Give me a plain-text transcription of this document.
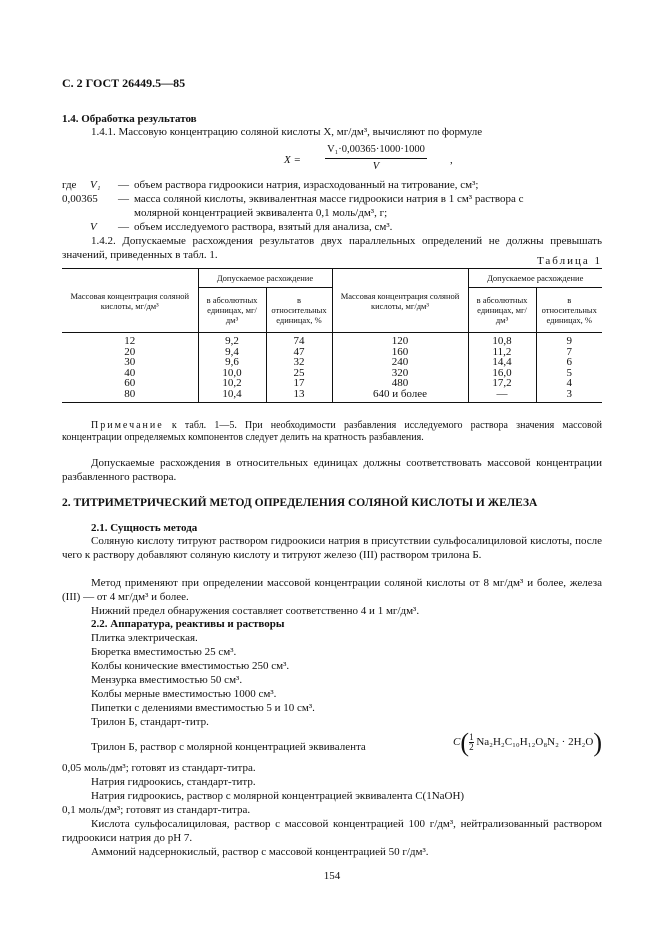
С. 2 ГОСТ 26449.5—85
1.4. Обработка результатов
1.4.1. Массовую концентрацию соляной кислоты X, мг/дм³, вычисляют по формуле
$X = \frac{\text{V₁·0,00365·1000·1000}}{V}$ ,
где V₁ — объем раствора гидроокиси натрия, израсходованный на титрование, см³;
0,00365 — масса соляной кислоты, эквивалентная массе гидроокиси натрия в 1 см³ раствора с
молярной концентрацией эквивалента 0,1 моль/дм³, г;
V — объем исследуемого раствора, взятый для анализа, см³.
1.4.2. Допускаемые расхождения результатов двух параллельных определений не должны превышать значений, приведенных в табл. 1.	Таблица 1
Массовая концентрация соляной кислоты, мг/дм³	Допускаемое расхождение		Массовая концентрация соляной кислоты, мг/дм³	Допускаемое расхождение	
	в абсолютных единицах, мг/дм³	в относительных единицах, %		в абсолютных единицах, мг/дм³	в относительных единицах, %
12	9,2	74	120	10,8	9
20	9,4	47	160	11,2	7
30	9,6	32	240	14,4	6
40	10,0	25	320	16,0	5
60	10,2	17	480	17,2	4
80	10,4	13	640 и более	—	3
Примечание к табл. 1—5. При необходимости разбавления исследуемого раствора значения массовой концентрации определяемых компонентов следует делить на кратность разбавления.
Допускаемые расхождения в относительных единицах должны соответствовать массовой концентрации разбавленного раствора.
2. ТИТРИМЕТРИЧЕСКИЙ МЕТОД ОПРЕДЕЛЕНИЯ СОЛЯНОЙ КИСЛОТЫ И ЖЕЛЕЗА
2.1. Сущность метода
Соляную кислоту титруют раствором гидроокиси натрия в присутствии сульфосалициловой кислоты, после чего к раствору добавляют соляную кислоту и титруют железо (III) раствором трилона Б.
Метод применяют при определении массовой концентрации соляной кислоты от 8 мг/дм³ и более, железа (III) — от 4 мг/дм³ и более.
Нижний предел обнаружения составляет соответственно 4 и 1 мг/дм³.
2.2. Аппаратура, реактивы и растворы
Плитка электрическая.
Бюретка вместимостью 25 см³.
Колбы конические вместимостью 250 см³.
Мензурка вместимостью 50 см³.
Колбы мерные вместимостью 1000 см³.
Пипетки с делениями вместимостью 5 и 10 см³.
Трилон Б, стандарт-титр.
Трилон Б, раствор с молярной концентрацией эквивалента	$C( \frac{1}{2} Na_2H_2C_{10}H_{12}O_8N_2 \cdot 2H_2O)$
0,05 моль/дм³; готовят из стандарт-титра.
Натрия гидроокись, стандарт-титр.
Натрия гидроокись, раствор с молярной концентрацией эквивалента C(1NaOH)
0,1 моль/дм³; готовят из стандарт-титра.
Кислота сульфосалициловая, раствор с массовой концентрацией 100 г/дм³, нейтрализованный раствором гидроокиси натрия до pH 7.
Аммоний надсернокислый, раствор с массовой концентрацией 50 г/дм³.
154
